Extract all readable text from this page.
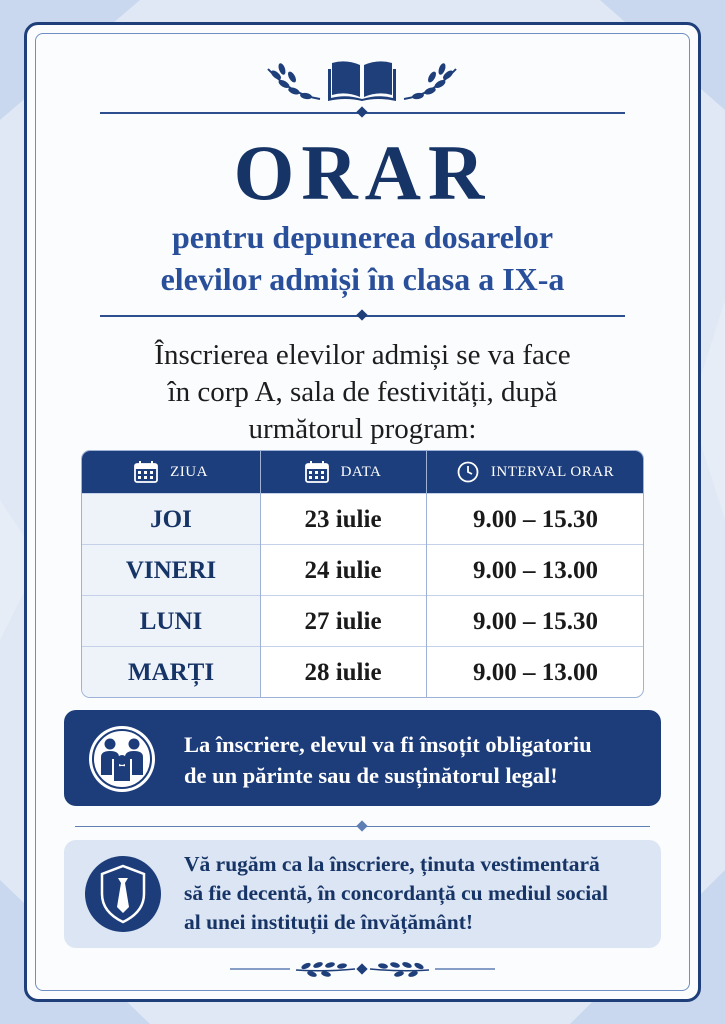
ORAR
pentru depunerea dosarelor
elevilor admiși în clasa a IX-a
Înscrierea elevilor admiși se va face
în corp A, sala de festivități, după
următorul program:
ZIUA	DATA	INTERVAL ORAR
JOI	23 iulie	9.00 – 15.30
VINERI	24 iulie	9.00 – 13.00
LUNI	27 iulie	9.00 – 15.30
MARȚI	28 iulie	9.00 – 13.00
La înscriere, elevul va fi însoțit obligatoriu
de un părinte sau de susținătorul legal!
Vă rugăm ca la înscriere, ținuta vestimentară
să fie decentă, în concordanță cu mediul social
al unei instituții de învățământ!
